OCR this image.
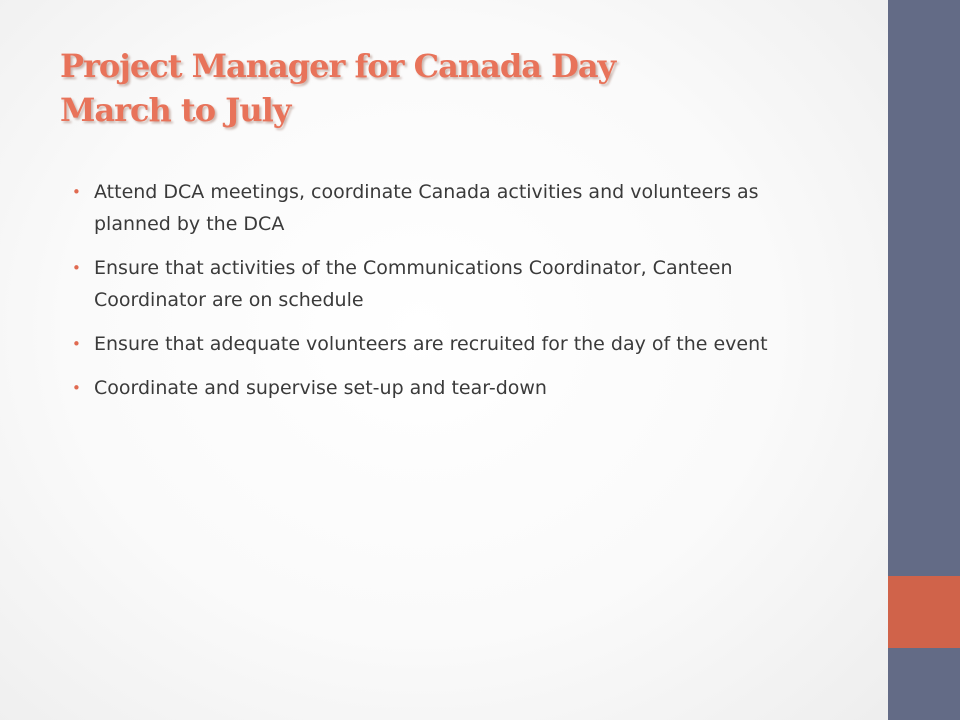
Project Manager for Canada Day
March to July
• Attend DCA meetings, coordinate Canada activities and volunteers as planned by the DCA
• Ensure that activities of the Communications Coordinator, Canteen Coordinator are on schedule
• Ensure that adequate volunteers are recruited for the day of the event
• Coordinate and supervise set-up and tear-down
